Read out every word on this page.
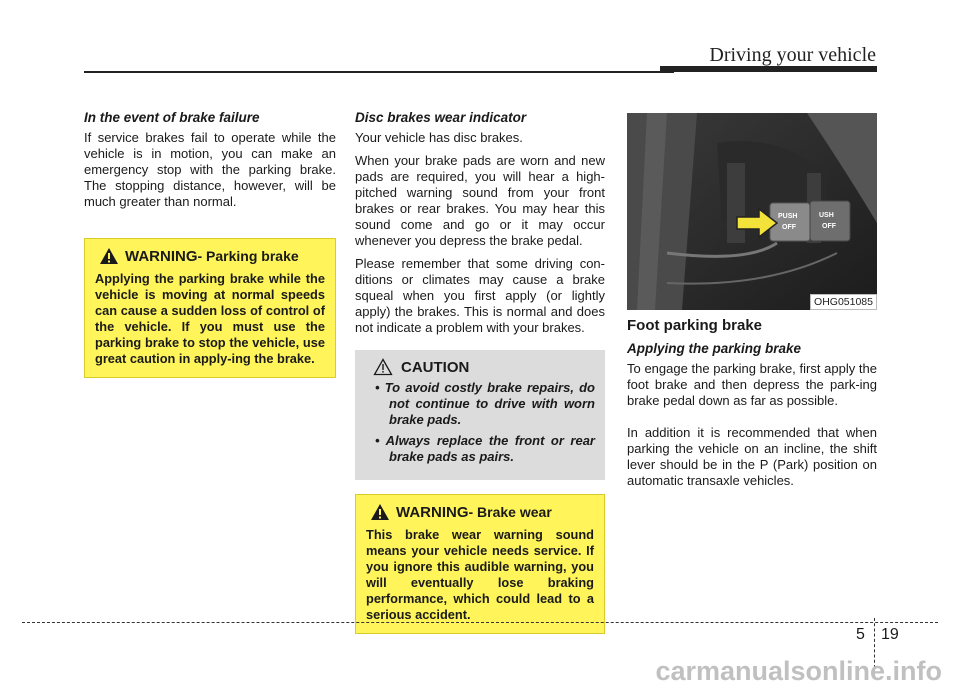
Driving your vehicle

In the event of brake failure

If service brakes fail to operate while the vehicle is in motion, you can make an emergency stop with the parking brake. The stopping distance, however, will be much greater than normal.

WARNING - Parking brake

Applying the parking brake while the vehicle is moving at normal speeds can cause a sudden loss of control of the vehicle. If you must use the parking brake to stop the vehicle, use great caution in apply-ing the brake.

Disc brakes wear indicator

Your vehicle has disc brakes.

When your brake pads are worn and new pads are required, you will hear a high-pitched warning sound from your front brakes or rear brakes. You may hear this sound come and go or it may occur whenever you depress the brake pedal.

Please remember that some driving con-ditions or climates may cause a brake squeal when you first apply (or lightly apply) the brakes. This is normal and does not indicate a problem with your brakes.

CAUTION
• To avoid costly brake repairs, do not continue to drive with worn brake pads.
• Always replace the front or rear brake pads as pairs.
WARNING - Brake wear

This brake wear warning sound means your vehicle needs service. If you ignore this audible warning, you will eventually lose braking performance, which could lead to a serious accident.

PUSH
OFF
USH
OFF
OHG051085
Foot parking brake

Applying the parking brake

To engage the parking brake, first apply the foot brake and then depress the park-ing brake pedal down as far as possible.

In addition it is recommended that when parking the vehicle on an incline, the shift lever should be in the P (Park) position on automatic transaxle vehicles.

5 19
carmanualsonline.info
